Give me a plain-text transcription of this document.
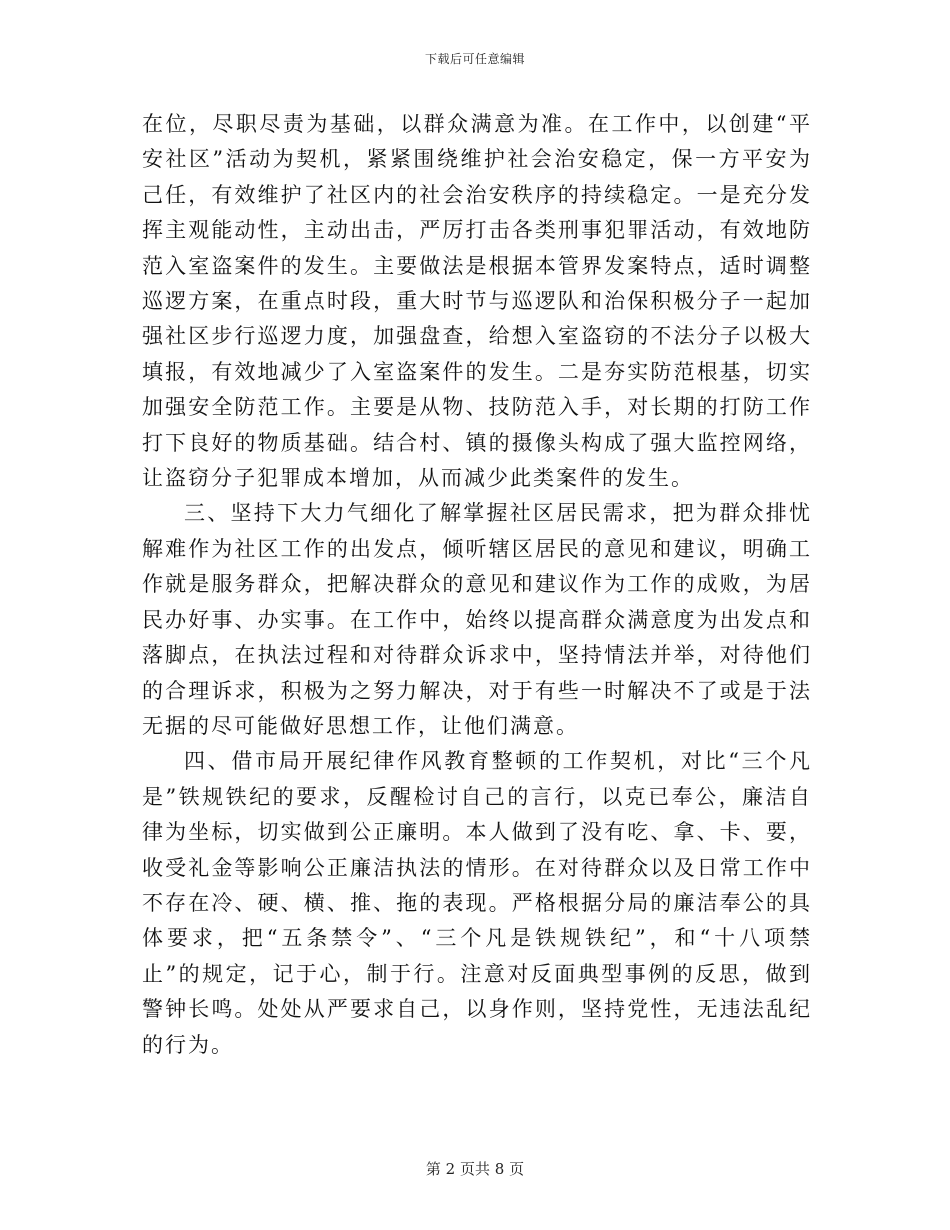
下载后可任意编辑

在位，尽职尽责为基础，以群众满意为准。在工作中，以创建“平安社区”活动为契机，紧紧围绕维护社会治安稳定，保一方平安为己任，有效维护了社区内的社会治安秩序的持续稳定。一是充分发挥主观能动性，主动出击，严厉打击各类刑事犯罪活动，有效地防范入室盗案件的发生。主要做法是根据本管界发案特点，适时调整巡逻方案，在重点时段，重大时节与巡逻队和治保积极分子一起加强社区步行巡逻力度，加强盘查，给想入室盗窃的不法分子以极大填报，有效地减少了入室盗案件的发生。二是夯实防范根基，切实加强安全防范工作。主要是从物、技防范入手，对长期的打防工作打下良好的物质基础。结合村、镇的摄像头构成了强大监控网络，让盗窃分子犯罪成本增加，从而减少此类案件的发生。

三、坚持下大力气细化了解掌握社区居民需求，把为群众排忧解难作为社区工作的出发点，倾听辖区居民的意见和建议，明确工作就是服务群众，把解决群众的意见和建议作为工作的成败，为居民办好事、办实事。在工作中，始终以提高群众满意度为出发点和落脚点，在执法过程和对待群众诉求中，坚持情法并举，对待他们的合理诉求，积极为之努力解决，对于有些一时解决不了或是于法无据的尽可能做好思想工作，让他们满意。

四、借市局开展纪律作风教育整顿的工作契机，对比“三个凡是”铁规铁纪的要求，反醒检讨自己的言行，以克已奉公，廉洁自律为坐标，切实做到公正廉明。本人做到了没有吃、拿、卡、要，收受礼金等影响公正廉洁执法的情形。在对待群众以及日常工作中不存在冷、硬、横、推、拖的表现。严格根据分局的廉洁奉公的具体要求，把“五条禁令”、“三个凡是铁规铁纪”，和“十八项禁止”的规定，记于心，制于行。注意对反面典型事例的反思，做到警钟长鸣。处处从严要求自己，以身作则，坚持党性，无违法乱纪的行为。

第 2 页共 8 页
